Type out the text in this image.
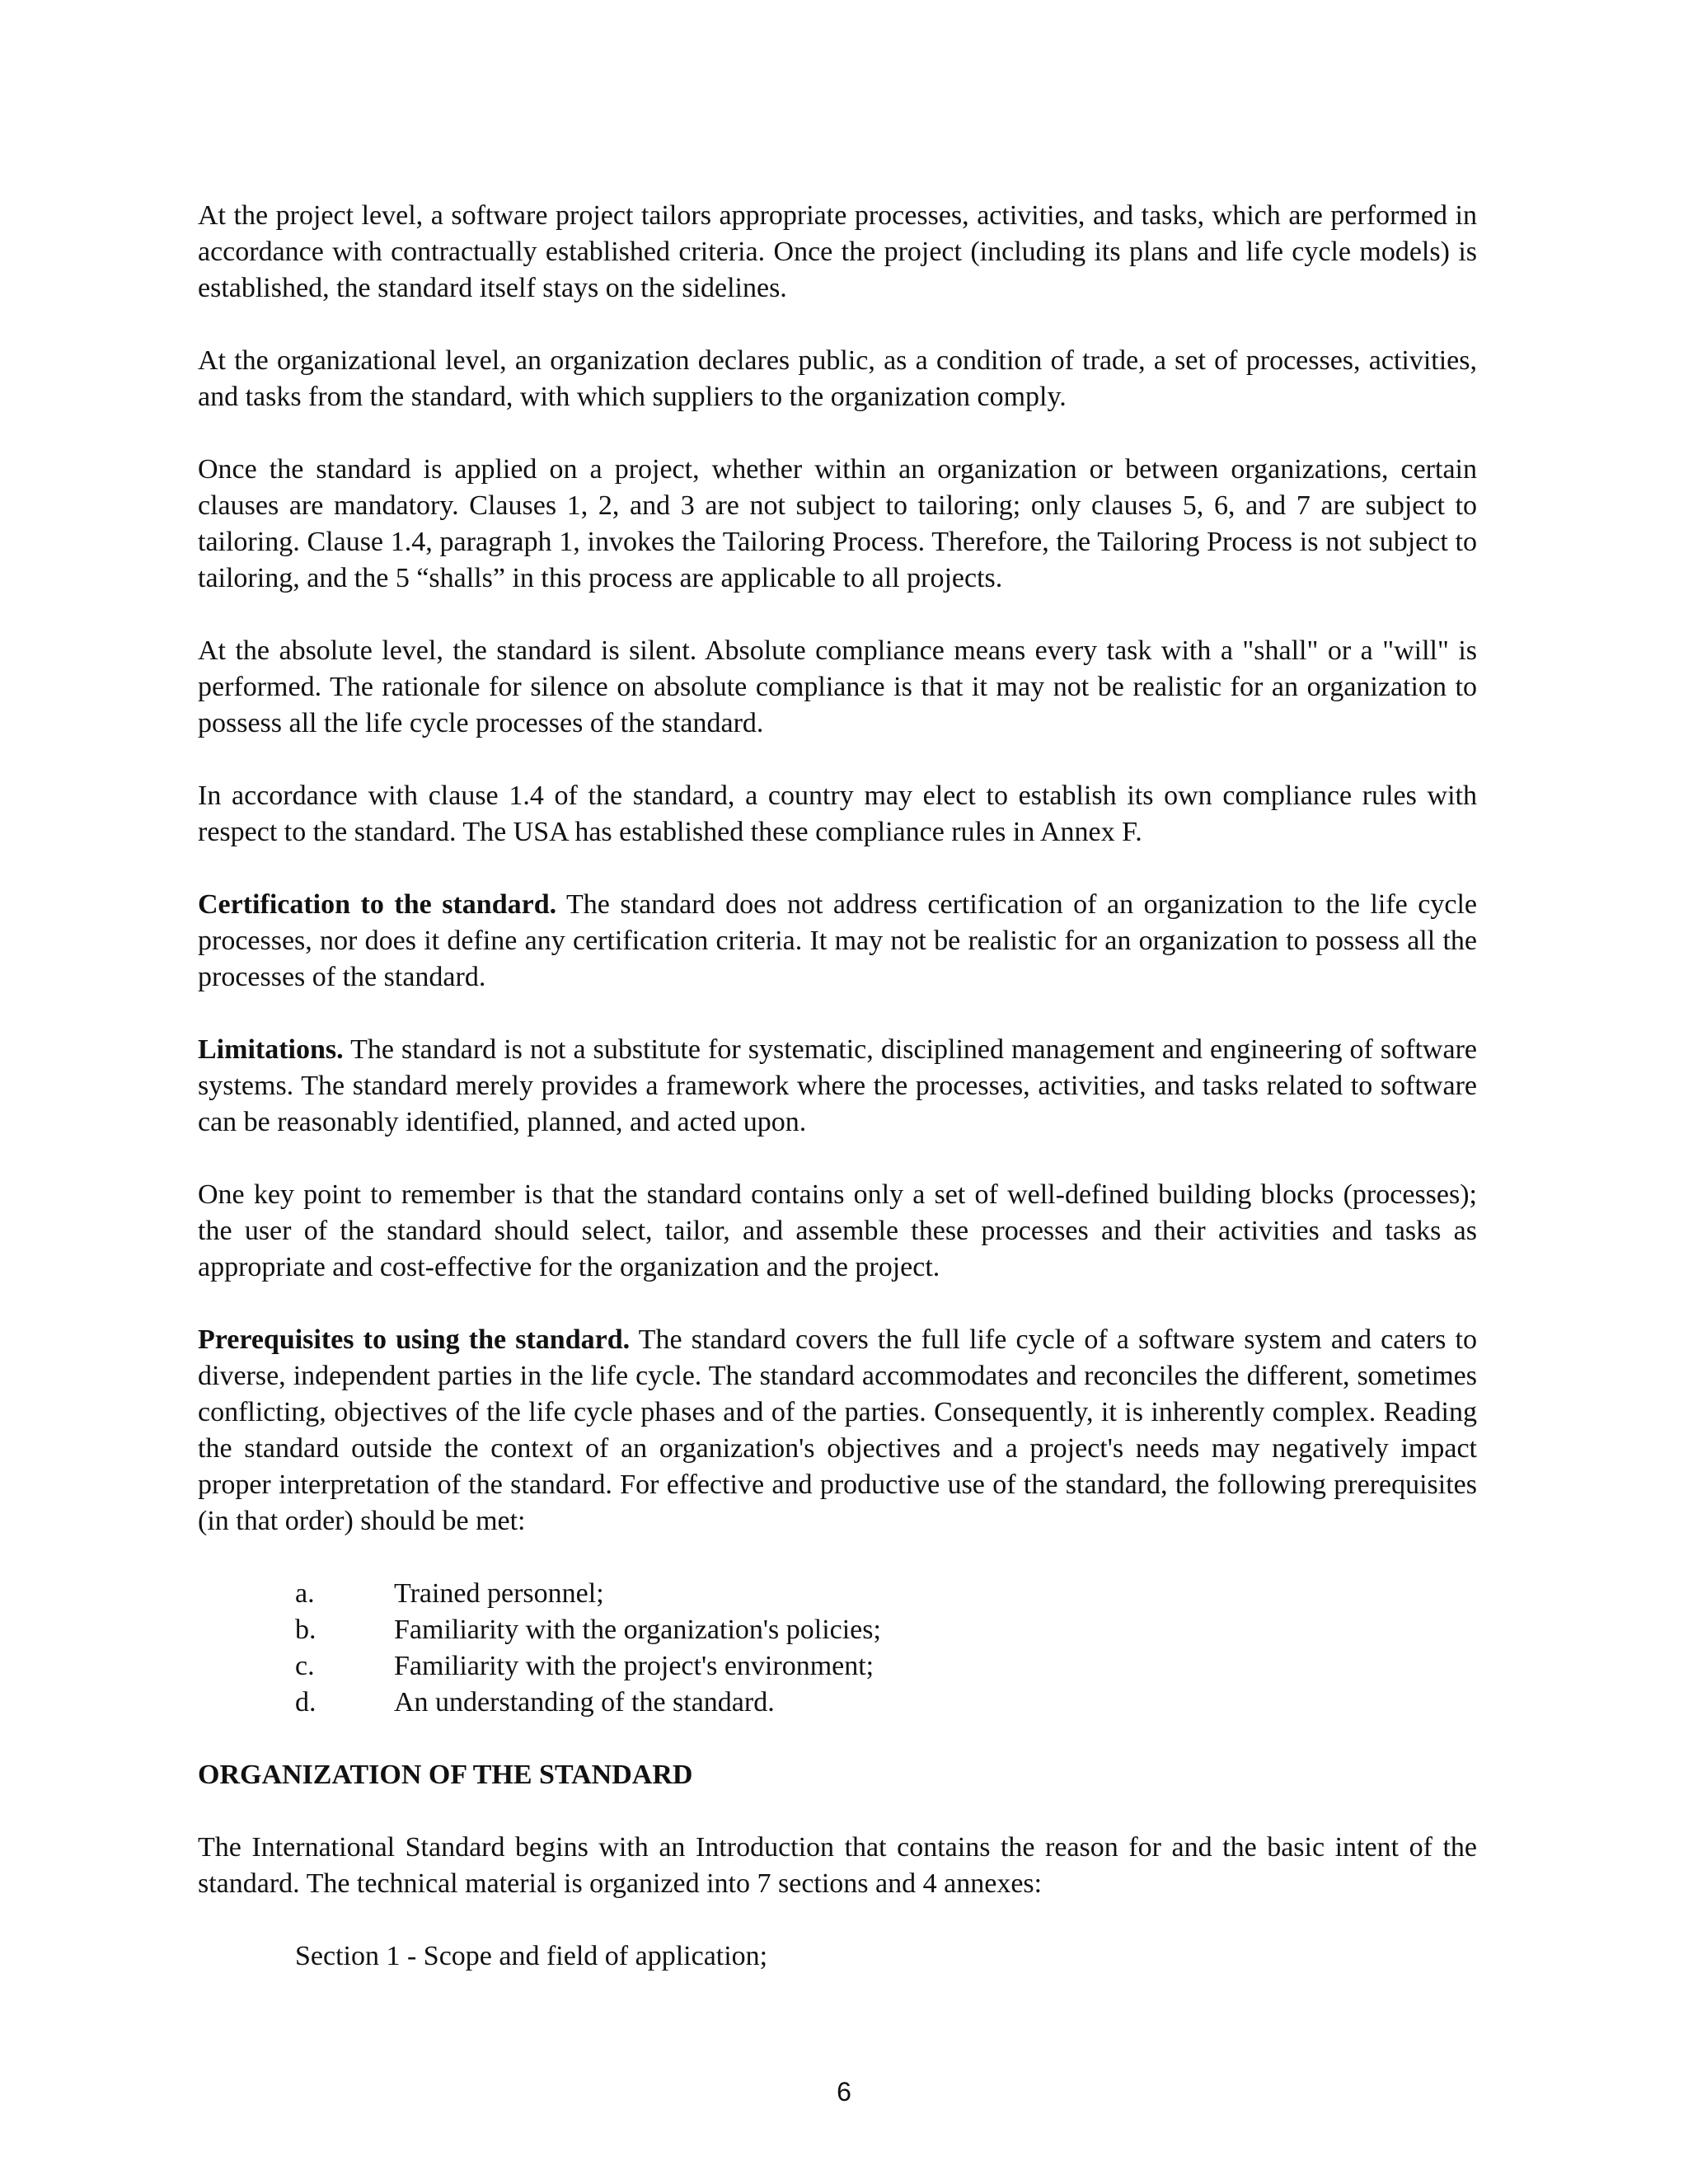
At the project level, a software project tailors appropriate processes, activities, and tasks, which are performed in accordance with contractually established criteria. Once the project (including its plans and life cycle models) is established, the standard itself stays on the sidelines.

At the organizational level, an organization declares public, as a condition of trade, a set of processes, activities, and tasks from the standard, with which suppliers to the organization comply.

Once the standard is applied on a project, whether within an organization or between organizations, certain clauses are mandatory. Clauses 1, 2, and 3 are not subject to tailoring; only clauses 5, 6, and 7 are subject to tailoring. Clause 1.4, paragraph 1, invokes the Tailoring Process. Therefore, the Tailoring Process is not subject to tailoring, and the 5 “shalls” in this process are applicable to all projects.

At the absolute level, the standard is silent. Absolute compliance means every task with a "shall" or a "will" is performed. The rationale for silence on absolute compliance is that it may not be realistic for an organization to possess all the life cycle processes of the standard.

In accordance with clause 1.4 of the standard, a country may elect to establish its own compliance rules with respect to the standard. The USA has established these compliance rules in Annex F.

Certification to the standard. The standard does not address certification of an organization to the life cycle processes, nor does it define any certification criteria. It may not be realistic for an organization to possess all the processes of the standard.

Limitations. The standard is not a substitute for systematic, disciplined management and engineering of software systems. The standard merely provides a framework where the processes, activities, and tasks related to software can be reasonably identified, planned, and acted upon.

One key point to remember is that the standard contains only a set of well-defined building blocks (processes); the user of the standard should select, tailor, and assemble these processes and their activities and tasks as appropriate and cost-effective for the organization and the project.

Prerequisites to using the standard. The standard covers the full life cycle of a software system and caters to diverse, independent parties in the life cycle. The standard accommodates and reconciles the different, sometimes conflicting, objectives of the life cycle phases and of the parties. Consequently, it is inherently complex. Reading the standard outside the context of an organization's objectives and a project's needs may negatively impact proper interpretation of the standard. For effective and productive use of the standard, the following prerequisites (in that order) should be met:

a.	Trained personnel;
b.	Familiarity with the organization's policies;
c.	Familiarity with the project's environment;
d.	An understanding of the standard.
ORGANIZATION OF THE STANDARD

The International Standard begins with an Introduction that contains the reason for and the basic intent of the standard. The technical material is organized into 7 sections and 4 annexes:

Section 1 - Scope and field of application;
6
